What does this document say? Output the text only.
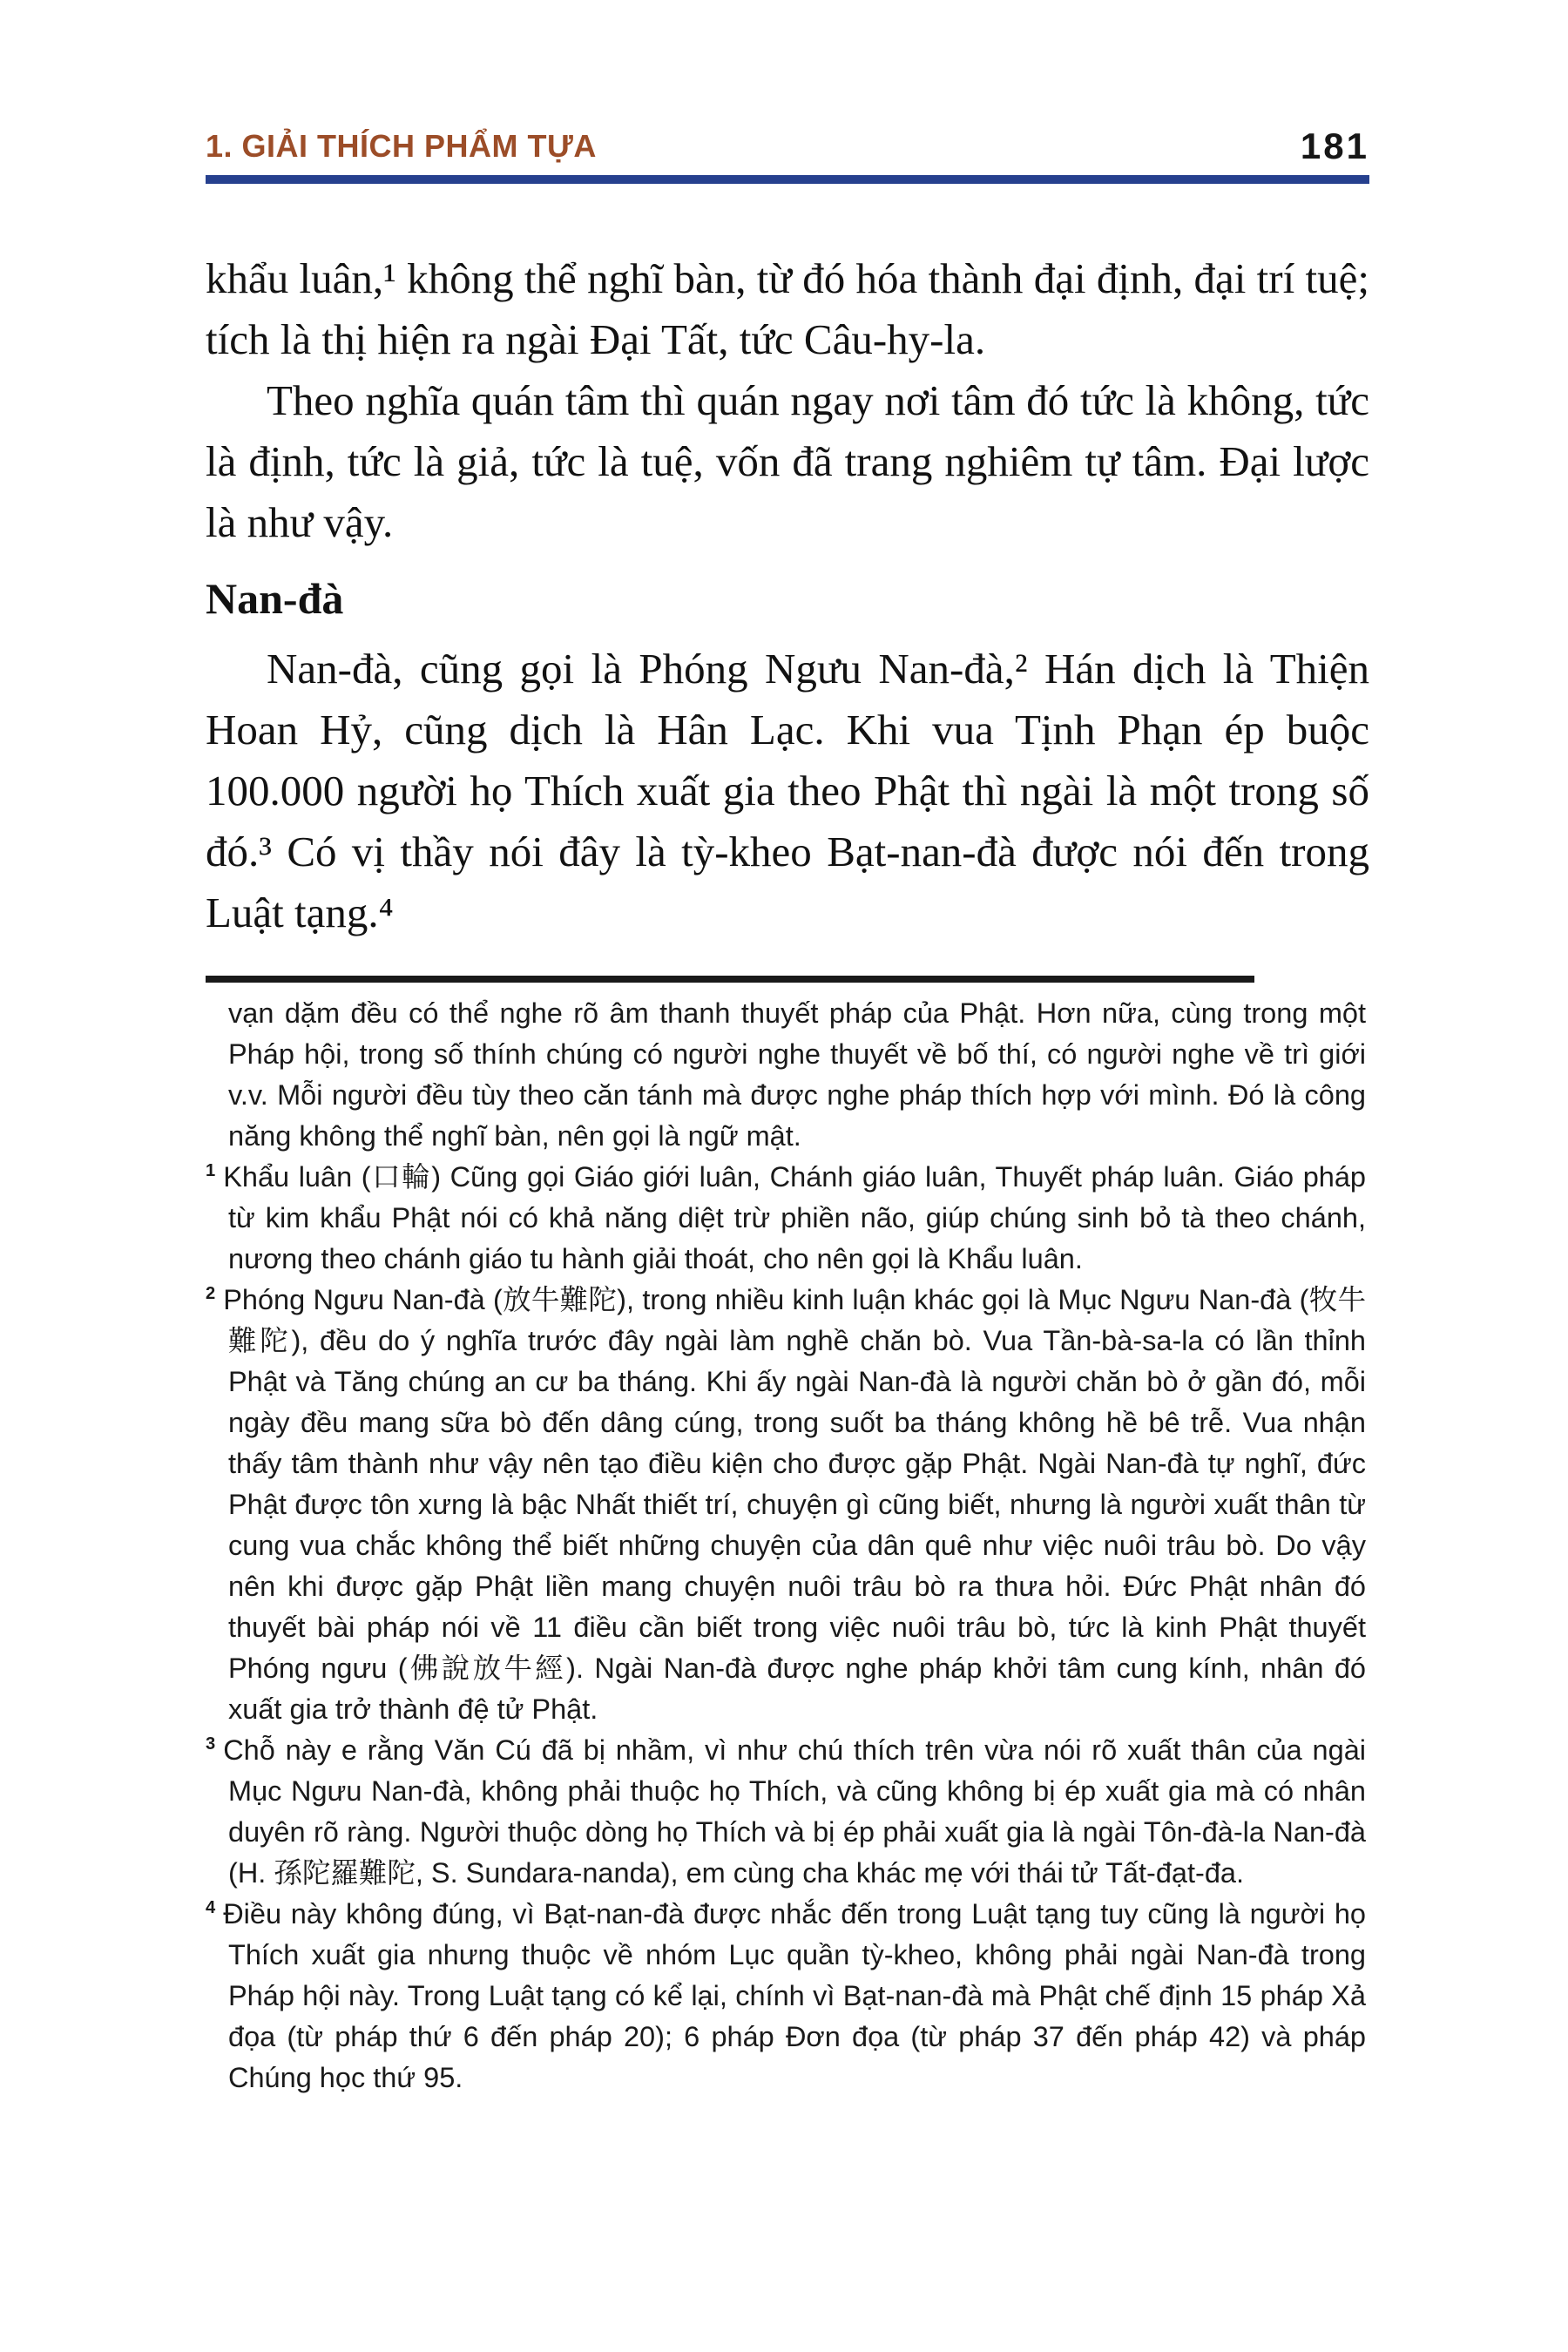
1. GIẢI THÍCH PHẨM TỰA	181

khẩu luân,¹ không thể nghĩ bàn, từ đó hóa thành đại định, đại trí tuệ; tích là thị hiện ra ngài Đại Tất, tức Câu-hy-la.

Theo nghĩa quán tâm thì quán ngay nơi tâm đó tức là không, tức là định, tức là giả, tức là tuệ, vốn đã trang nghiêm tự tâm. Đại lược là như vậy.

Nan-đà

Nan-đà, cũng gọi là Phóng Ngưu Nan-đà,² Hán dịch là Thiện Hoan Hỷ, cũng dịch là Hân Lạc. Khi vua Tịnh Phạn ép buộc 100.000 người họ Thích xuất gia theo Phật thì ngài là một trong số đó.³ Có vị thầy nói đây là tỳ-kheo Bạt-nan-đà được nói đến trong Luật tạng.⁴

vạn dặm đều có thể nghe rõ âm thanh thuyết pháp của Phật. Hơn nữa, cùng trong một Pháp hội, trong số thính chúng có người nghe thuyết về bố thí, có người nghe về trì giới v.v. Mỗi người đều tùy theo căn tánh mà được nghe pháp thích hợp với mình. Đó là công năng không thể nghĩ bàn, nên gọi là ngữ mật.

$^1$ Khẩu luân (口輪) Cũng gọi Giáo giới luân, Chánh giáo luân, Thuyết pháp luân. Giáo pháp từ kim khẩu Phật nói có khả năng diệt trừ phiền não, giúp chúng sinh bỏ tà theo chánh, nương theo chánh giáo tu hành giải thoát, cho nên gọi là Khẩu luân.

$^2$ Phóng Ngưu Nan-đà (放牛難陀), trong nhiều kinh luận khác gọi là Mục Ngưu Nan-đà (牧牛難陀), đều do ý nghĩa trước đây ngài làm nghề chăn bò. Vua Tần-bà-sa-la có lần thỉnh Phật và Tăng chúng an cư ba tháng. Khi ấy ngài Nan-đà là người chăn bò ở gần đó, mỗi ngày đều mang sữa bò đến dâng cúng, trong suốt ba tháng không hề bê trễ. Vua nhận thấy tâm thành như vậy nên tạo điều kiện cho được gặp Phật. Ngài Nan-đà tự nghĩ, đức Phật được tôn xưng là bậc Nhất thiết trí, chuyện gì cũng biết, nhưng là người xuất thân từ cung vua chắc không thể biết những chuyện của dân quê như việc nuôi trâu bò. Do vậy nên khi được gặp Phật liền mang chuyện nuôi trâu bò ra thưa hỏi. Đức Phật nhân đó thuyết bài pháp nói về 11 điều cần biết trong việc nuôi trâu bò, tức là kinh Phật thuyết Phóng ngưu (佛說放牛經). Ngài Nan-đà được nghe pháp khởi tâm cung kính, nhân đó xuất gia trở thành đệ tử Phật.

$^3$ Chỗ này e rằng Văn Cú đã bị nhầm, vì như chú thích trên vừa nói rõ xuất thân của ngài Mục Ngưu Nan-đà, không phải thuộc họ Thích, và cũng không bị ép xuất gia mà có nhân duyên rõ ràng. Người thuộc dòng họ Thích và bị ép phải xuất gia là ngài Tôn-đà-la Nan-đà (H. 孫陀羅難陀, S. Sundara-nanda), em cùng cha khác mẹ với thái tử Tất-đạt-đa.

$^4$ Điều này không đúng, vì Bạt-nan-đà được nhắc đến trong Luật tạng tuy cũng là người họ Thích xuất gia nhưng thuộc về nhóm Lục quần tỳ-kheo, không phải ngài Nan-đà trong Pháp hội này. Trong Luật tạng có kể lại, chính vì Bạt-nan-đà mà Phật chế định 15 pháp Xả đọa (từ pháp thứ 6 đến pháp 20); 6 pháp Đơn đọa (từ pháp 37 đến pháp 42) và pháp Chúng học thứ 95.
